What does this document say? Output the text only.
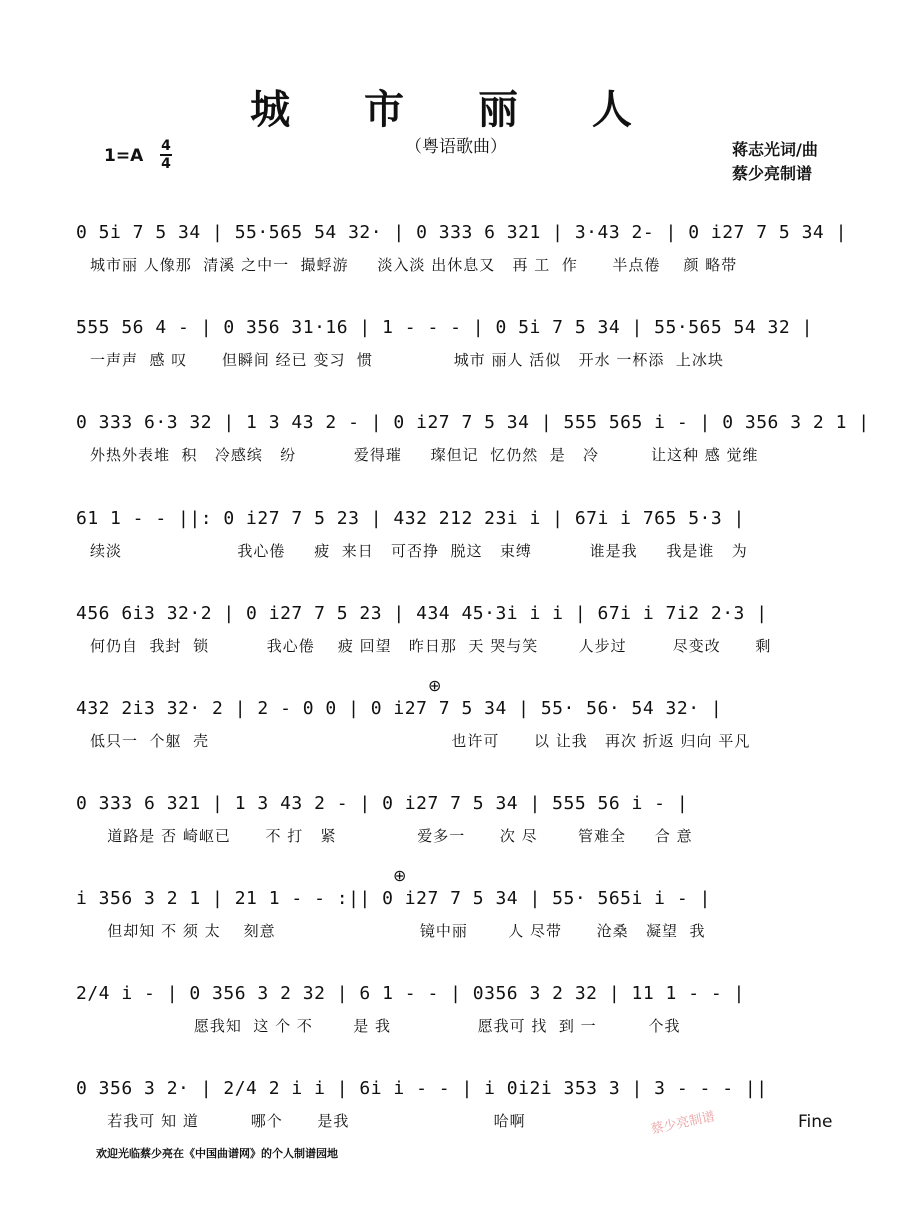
城 市 丽 人
（粤语歌曲）
1=A 4
4
蒋志光词/曲
蔡少亮制谱
0 5i 7 5 34 | 55·565 54 32· | 0 333 6 321 | 3·43 2- | 0 i27 7 5 34 |
城市丽 人像那  清溪 之中一  撮蜉游     淡入淡 出休息又   再 工  作      半点倦    颜 略带
555 56 4 - | 0 356 31·16 | 1 - - - | 0 5i 7 5 34 | 55·565 54 32 |
一声声  感 叹      但瞬间 经已 变习  惯              城市 丽人 活似   开水 一杯添  上冰块
0 333 6·3 32 | 1 3 43 2 - | 0 i27 7 5 34 | 555 565 i - | 0 356 3 2 1 |
外热外表堆  积   冷感缤   纷          爱得璀     璨但记  忆仍然  是   冷         让这种 感 觉维
61 1 - - ||: 0 i27 7 5 23 | 432 212 23i i | 67i i 765 5·3 |
续淡                    我心倦     疲  来日   可否挣  脱这   束缚          谁是我     我是谁   为
456 6i3 32·2 | 0 i27 7 5 23 | 434 45·3i i i | 67i i 7i2 2·3 |
何仍自  我封  锁          我心倦    疲 回望   昨日那  天 哭与笑       人步过        尽变改      剩
⊕
432 2i3 32· 2 | 2 - 0 0 | 0 i27 7 5 34 | 55· 56· 54 32· |
低只一  个躯  壳                                          也许可      以 让我   再次 折返 归向 平凡
0 333 6 321 | 1 3 43 2 - | 0 i27 7 5 34 | 555 56 i - |
道路是 否 崎岖已      不 打   紧              爱多一      次 尽       管难全     合 意
⊕
i 356 3 2 1 | 21 1 - - :|| 0 i27 7 5 34 | 55· 565i i - |
但却知 不 须 太    刻意                         镜中丽       人 尽带      沧桑   凝望  我
2/4 i - | 0 356 3 2 32 | 6 1 - - | 0356 3 2 32 | 11 1 - - |
愿我知  这 个 不       是 我               愿我可 找  到 一         个我
0 356 3 2· | 2/4 2 i i | 6i i - - | i 0i2i 353 3 | 3 - - - ||
若我可 知 道         哪个      是我                         哈啊	Fine
蔡少亮制谱
欢迎光临蔡少亮在《中国曲谱网》的个人制谱园地
